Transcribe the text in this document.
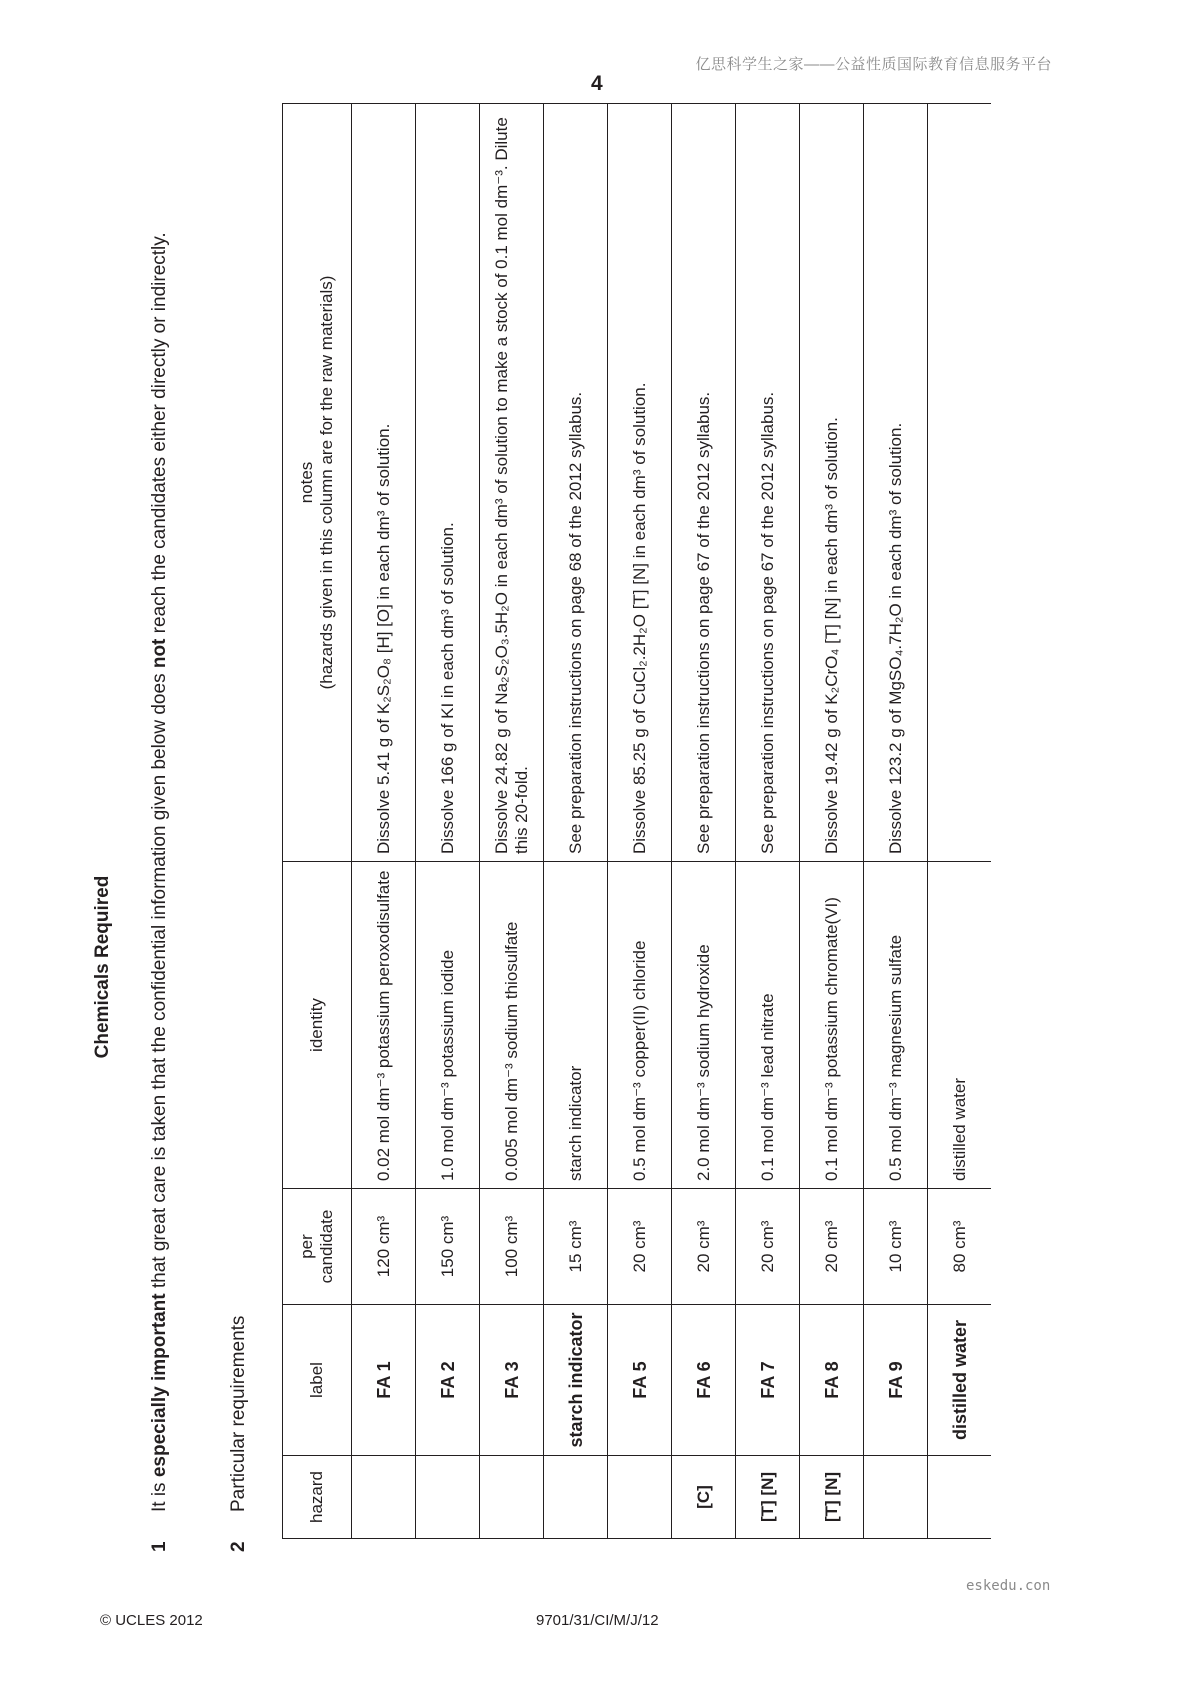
亿思科学生之家——公益性质国际教育信息服务平台
4
Chemicals Required
1
It is especially important that great care is taken that the confidential information given below does not reach the candidates either directly or indirectly.
2
Particular requirements	hazard	label	per candidate	identity	notes (hazards given in this column are for the raw materials)

	FA 1	120 cm³	0.02 mol dm⁻³ potassium peroxodisulfate	Dissolve 5.41 g of K₂S₂O₈ [H] [O] in each dm³ of solution.
	FA 2	150 cm³	1.0 mol dm⁻³ potassium iodide	Dissolve 166 g of KI in each dm³ of solution.
	FA 3	100 cm³	0.005 mol dm⁻³ sodium thiosulfate	Dissolve 24.82 g of Na₂S₂O₃.5H₂O in each dm³ of solution to make a stock of 0.1 mol dm⁻³. Dilute this 20-fold.
	starch indicator	15 cm³	starch indicator	See preparation instructions on page 68 of the 2012 syllabus.
	FA 5	20 cm³	0.5 mol dm⁻³ copper(II) chloride	Dissolve 85.25 g of CuCl₂.2H₂O [T] [N] in each dm³ of solution.
[C]	FA 6	20 cm³	2.0 mol dm⁻³ sodium hydroxide	See preparation instructions on page 67 of the 2012 syllabus.
[T] [N]	FA 7	20 cm³	0.1 mol dm⁻³ lead nitrate	See preparation instructions on page 67 of the 2012 syllabus.
[T] [N]	FA 8	20 cm³	0.1 mol dm⁻³ potassium chromate(VI)	Dissolve 19.42 g of K₂CrO₄ [T] [N] in each dm³ of solution.
	FA 9	10 cm³	0.5 mol dm⁻³ magnesium sulfate	Dissolve 123.2 g of MgSO₄.7H₂O in each dm³ of solution.
	distilled water	80 cm³	distilled water	
eskedu.con
© UCLES 2012	9701/31/CI/M/J/12
